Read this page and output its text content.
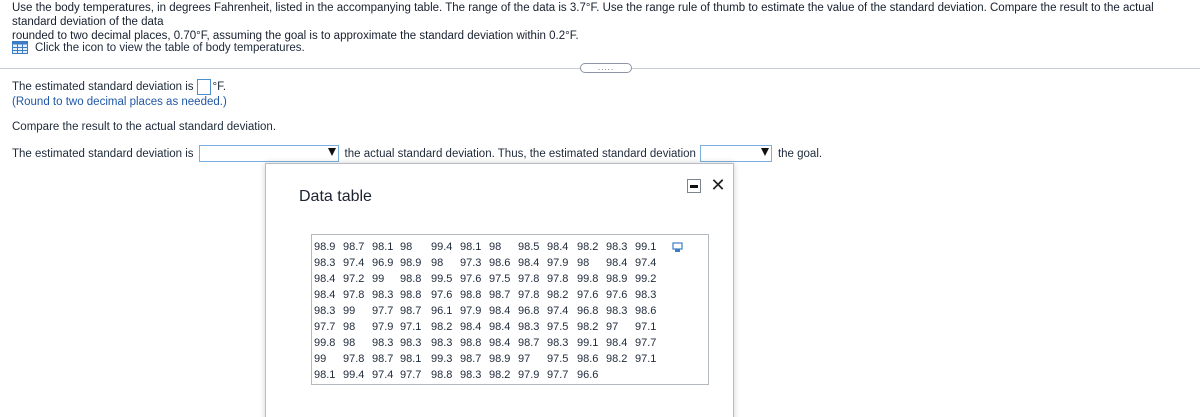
Use the body temperatures, in degrees Fahrenheit, listed in the accompanying table. The range of the data is 3.7°F. Use the range rule of thumb to estimate the value of the standard deviation. Compare the result to the actual standard deviation of the data
rounded to two decimal places, 0.70°F, assuming the goal is to approximate the standard deviation within 0.2°F.
Click the icon to view the table of body temperatures.
.....
The estimated standard deviation is °F.
(Round to two decimal places as needed.)
Compare the result to the actual standard deviation.
The estimated standard deviation is	the actual standard deviation. Thus, the estimated standard deviation	the goal.
Data table
✕
98.9	98.7	98.1	98	99.4	98.1	98	98.5	98.4	98.2	98.3	99.1
98.3	97.4	96.9	98.9	98	97.3	98.6	98.4	97.9	98	98.4	97.4
98.4	97.2	99	98.8	99.5	97.6	97.5	97.8	97.8	99.8	98.9	99.2
98.4	97.8	98.3	98.8	97.6	98.8	98.7	97.8	98.2	97.6	97.6	98.3
98.3	99	97.7	98.7	96.1	97.9	98.4	96.8	97.4	96.8	98.3	98.6
97.7	98	97.9	97.1	98.2	98.4	98.4	98.3	97.5	98.2	97	97.1
99.8	98	98.3	98.3	98.3	98.8	98.4	98.7	98.3	99.1	98.4	97.7
99	97.8	98.7	98.1	99.3	98.7	98.9	97	97.5	98.6	98.2	97.1
98.1	99.4	97.4	97.7	98.8	98.3	98.2	97.9	97.7	96.6		
